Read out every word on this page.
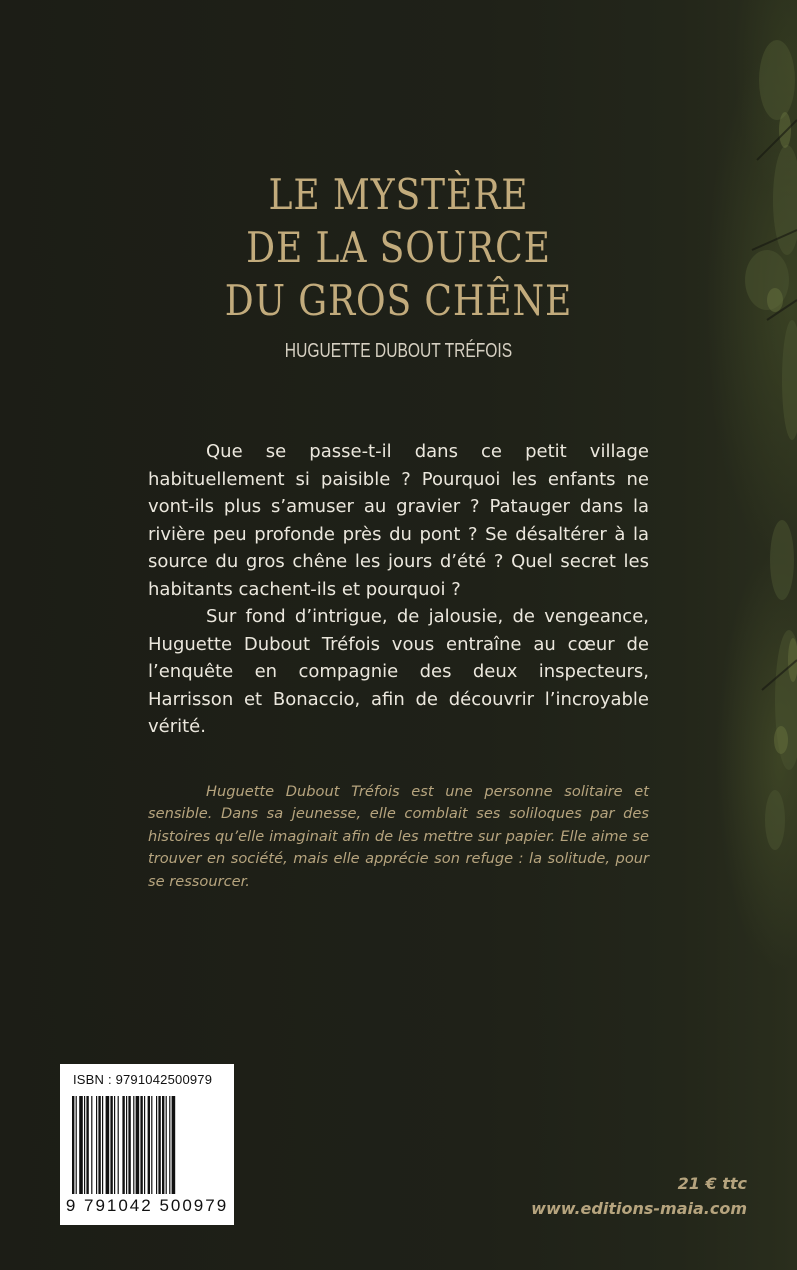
LE MYSTÈRE
DE LA SOURCE
DU GROS CHÊNE
HUGUETTE DUBOUT TRÉFOIS

Que se passe-t-il dans ce petit village habituellement si paisible ? Pourquoi les enfants ne vont-ils plus s’amuser au gravier ? Patauger dans la rivière peu profonde près du pont ? Se désaltérer à la source du gros chêne les jours d’été ? Quel secret les habitants cachent-ils et pourquoi ?

Sur fond d’intrigue, de jalousie, de vengeance, Huguette Dubout Tréfois vous entraîne au cœur de l’enquête en compagnie des deux inspecteurs, Harrisson et Bonaccio, afin de découvrir l’incroyable vérité.

Huguette Dubout Tréfois est une personne solitaire et sensible. Dans sa jeunesse, elle comblait ses soliloques par des histoires qu’elle imaginait afin de les mettre sur papier. Elle aime se trouver en société, mais elle apprécie son refuge : la solitude, pour se ressourcer.

ISBN : 9791042500979
9 791042 500979
21 € ttc
www.editions-maia.com
